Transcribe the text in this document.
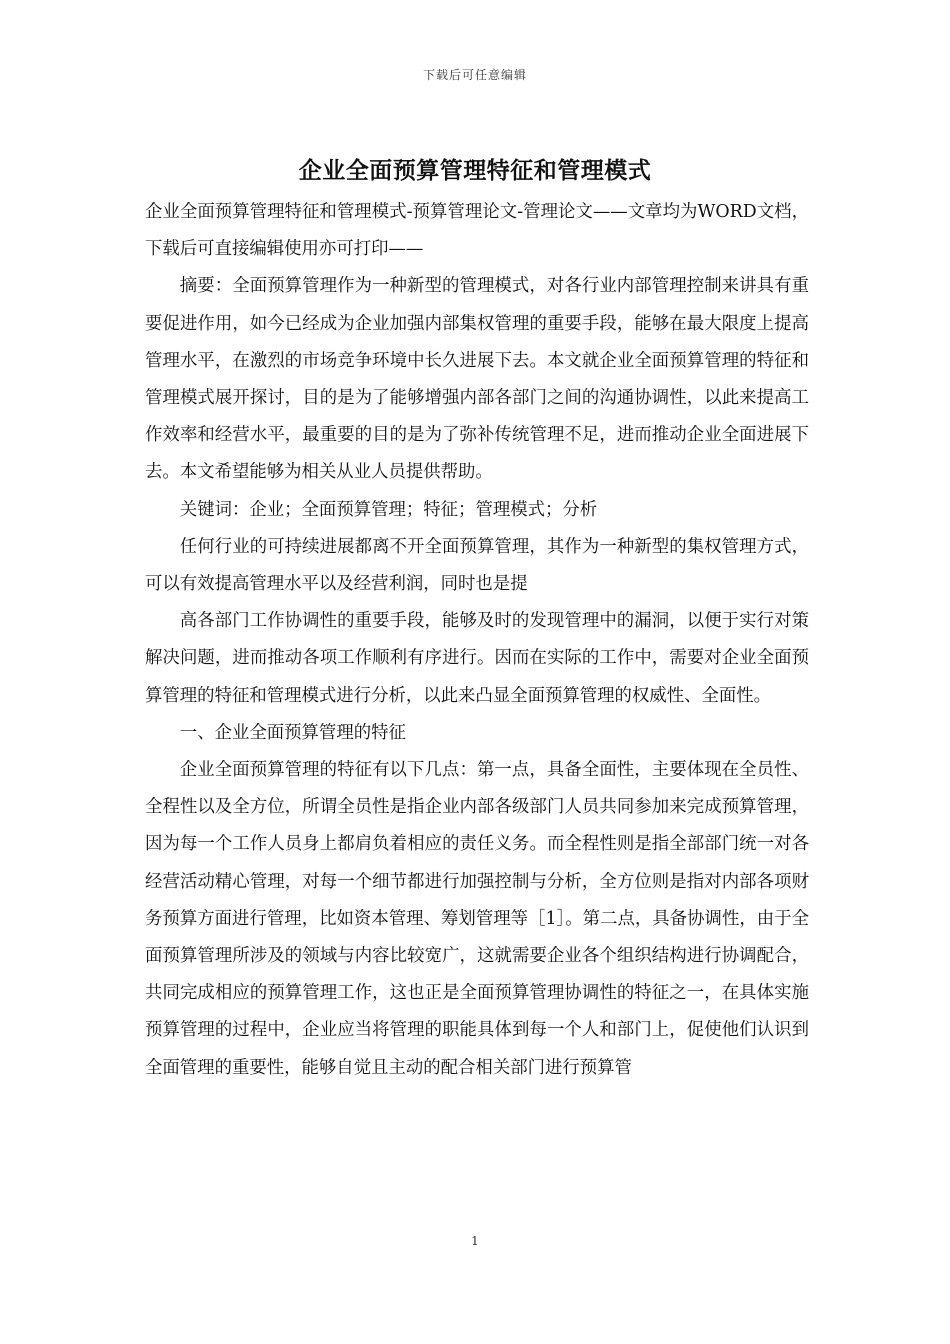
下载后可任意编辑
企业全面预算管理特征和管理模式

企业全面预算管理特征和管理模式-预算管理论文-管理论文——文章均为WORD文档，下载后可直接编辑使用亦可打印——

摘要：全面预算管理作为一种新型的管理模式，对各行业内部管理控制来讲具有重要促进作用，如今已经成为企业加强内部集权管理的重要手段，能够在最大限度上提高管理水平，在激烈的市场竞争环境中长久进展下去。本文就企业全面预算管理的特征和管理模式展开探讨，目的是为了能够增强内部各部门之间的沟通协调性，以此来提高工作效率和经营水平，最重要的目的是为了弥补传统管理不足，进而推动企业全面进展下去。本文希望能够为相关从业人员提供帮助。

关键词：企业；全面预算管理；特征；管理模式；分析

任何行业的可持续进展都离不开全面预算管理，其作为一种新型的集权管理方式，可以有效提高管理水平以及经营利润，同时也是提

高各部门工作协调性的重要手段，能够及时的发现管理中的漏洞，以便于实行对策解决问题，进而推动各项工作顺利有序进行。因而在实际的工作中，需要对企业全面预算管理的特征和管理模式进行分析，以此来凸显全面预算管理的权威性、全面性。

一、企业全面预算管理的特征

企业全面预算管理的特征有以下几点：第一点，具备全面性，主要体现在全员性、全程性以及全方位，所谓全员性是指企业内部各级部门人员共同参加来完成预算管理，因为每一个工作人员身上都肩负着相应的责任义务。而全程性则是指全部部门统一对各经营活动精心管理，对每一个细节都进行加强控制与分析，全方位则是指对内部各项财务预算方面进行管理，比如资本管理、筹划管理等［1］。第二点，具备协调性，由于全面预算管理所涉及的领域与内容比较宽广，这就需要企业各个组织结构进行协调配合，共同完成相应的预算管理工作，这也正是全面预算管理协调性的特征之一，在具体实施预算管理的过程中，企业应当将管理的职能具体到每一个人和部门上，促使他们认识到全面管理的重要性，能够自觉且主动的配合相关部门进行预算管

1
